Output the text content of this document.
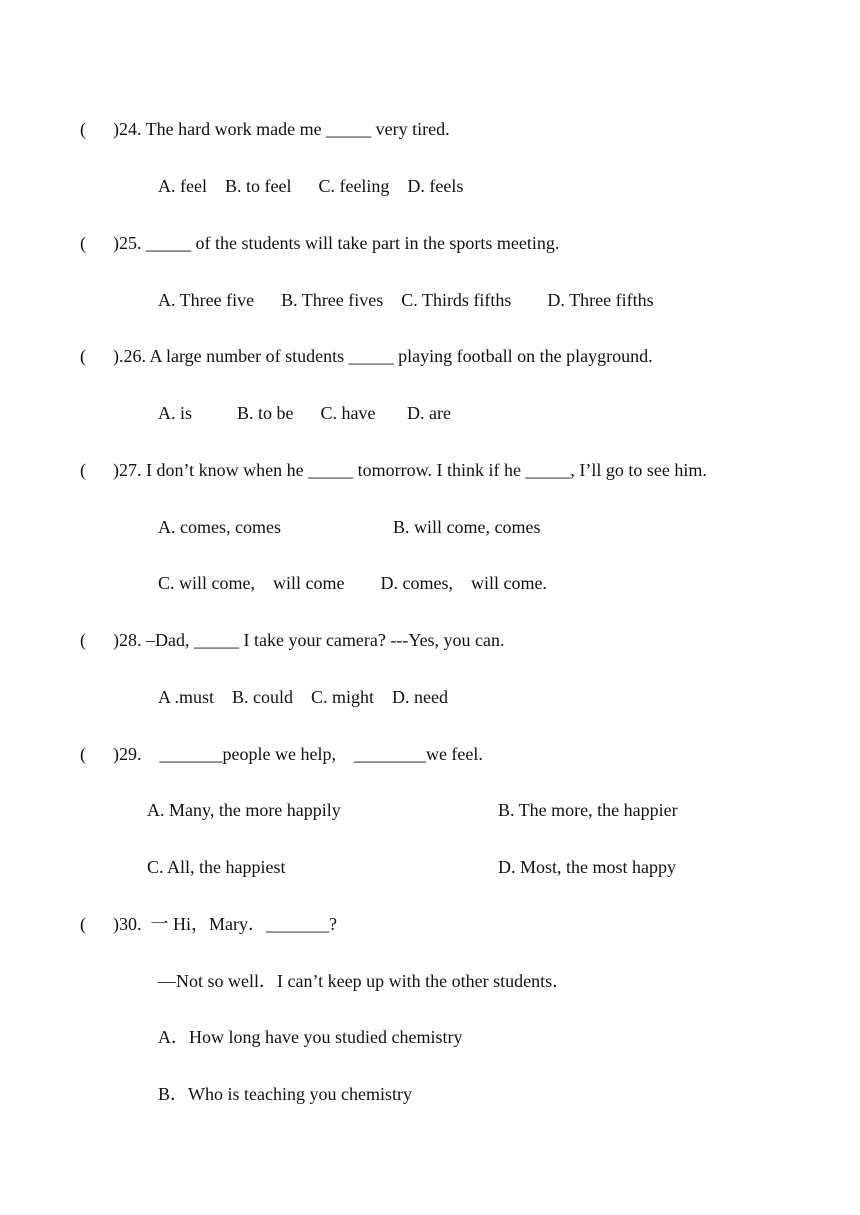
(      )24. The hard work made me _____ very tired.
A. feel    B. to feel      C. feeling    D. feels
(      )25. _____ of the students will take part in the sports meeting.
A. Three five      B. Three fives    C. Thirds fifths        D. Three fifths
(      ).26. A large number of students _____ playing football on the playground.
A. is          B. to be      C. have       D. are
(      )27. I don’t know when he _____ tomorrow. I think if he _____, I’ll go to see him.
A. comes, comes	B. will come, comes
C. will come,    will come        D. comes,    will come.
(      )28. –Dad, _____ I take your camera? ---Yes, you can.
A .must    B. could    C. might    D. need
(      )29.    _______people we help,    ________we feel.
A. Many, the more happily	B. The more, the happier
C. All, the happiest	D. Most, the most happy
(      )30.  一 Hi，Mary．_______?
—Not so well．I can’t keep up with the other students．
A．How long have you studied chemistry
B．Who is teaching you chemistry
